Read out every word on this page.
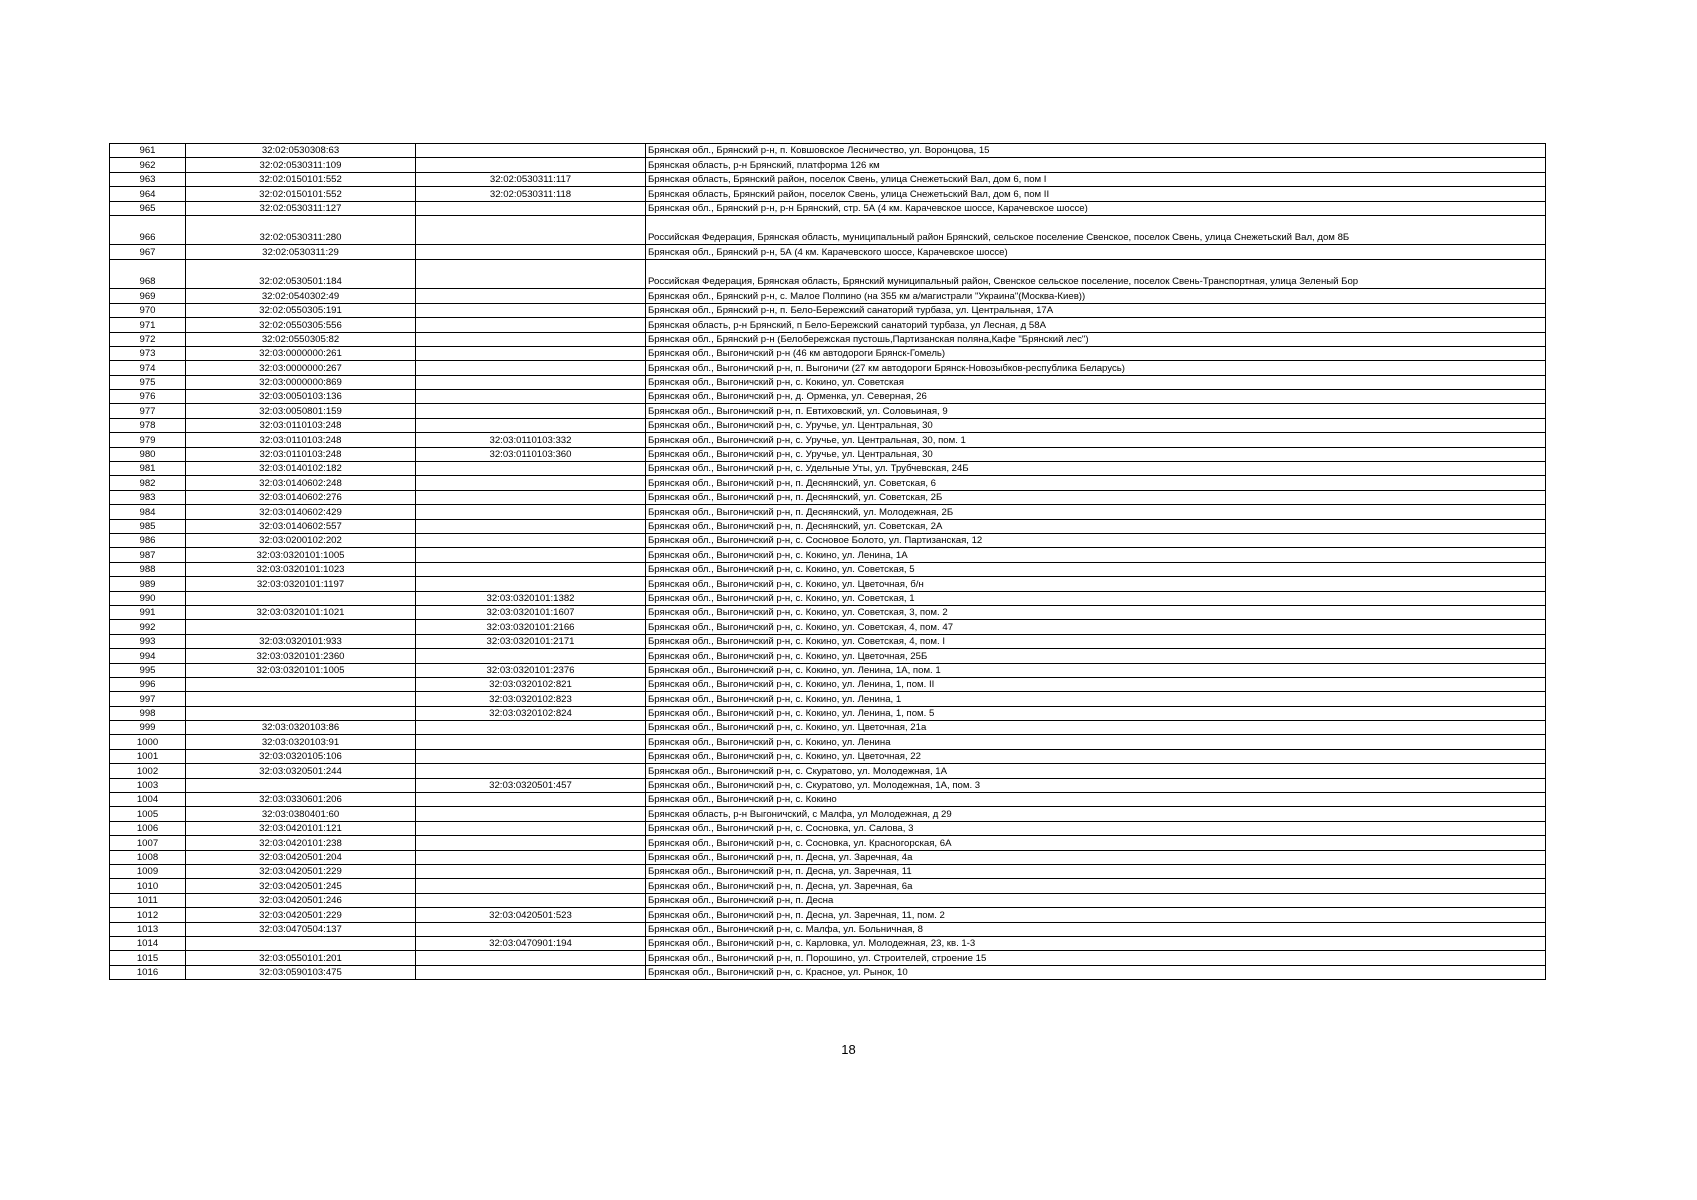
961	32:02:0530308:63		Брянская обл., Брянский р-н, п. Ковшовское Лесничество, ул. Воронцова, 15
962	32:02:0530311:109		Брянская область, р-н Брянский, платформа 126 км
963	32:02:0150101:552	32:02:0530311:117	Брянская область, Брянский район, поселок Свень, улица Снежетьский Вал, дом 6, пом I
964	32:02:0150101:552	32:02:0530311:118	Брянская область, Брянский район, поселок Свень, улица Снежетьский Вал, дом 6, пом II
965	32:02:0530311:127		Брянская обл., Брянский р-н, р-н Брянский, стр. 5А (4 км. Карачевское шоссе, Карачевское шоссе)
966	32:02:0530311:280		Российская Федерация, Брянская область, муниципальный район Брянский, сельское поселение Свенское, поселок Свень, улица Снежетьский Вал, дом 8Б
967	32:02:0530311:29		Брянская обл., Брянский р-н, 5А (4 км. Карачевского шоссе, Карачевское шоссе)
968	32:02:0530501:184		Российская Федерация, Брянская область, Брянский муниципальный район, Свенское сельское поселение, поселок Свень-Транспортная, улица Зеленый Бор
969	32:02:0540302:49		Брянская обл., Брянский р-н, с. Малое Полпино (на 355 км а/магистрали "Украина"(Москва-Киев))
970	32:02:0550305:191		Брянская обл., Брянский р-н, п. Бело-Бережский санаторий турбаза, ул. Центральная, 17А
971	32:02:0550305:556		Брянская область, р-н Брянский, п Бело-Бережский санаторий турбаза, ул Лесная, д 58А
972	32:02:0550305:82		Брянская обл., Брянский р-н (Белобережская пустошь,Партизанская поляна,Кафе "Брянский лес")
973	32:03:0000000:261		Брянская обл., Выгоничский р-н (46 км автодороги Брянск-Гомель)
974	32:03:0000000:267		Брянская обл., Выгоничский р-н, п. Выгоничи (27 км автодороги Брянск-Новозыбков-республика Беларусь)
975	32:03:0000000:869		Брянская обл., Выгоничский р-н, с. Кокино, ул. Советская
976	32:03:0050103:136		Брянская обл., Выгоничский р-н, д. Орменка, ул. Северная, 26
977	32:03:0050801:159		Брянская обл., Выгоничский р-н, п. Евтиховский, ул. Соловьиная, 9
978	32:03:0110103:248		Брянская обл., Выгоничский р-н, с. Уручье, ул. Центральная, 30
979	32:03:0110103:248	32:03:0110103:332	Брянская обл., Выгоничский р-н, с. Уручье, ул. Центральная, 30, пом. 1
980	32:03:0110103:248	32:03:0110103:360	Брянская обл., Выгоничский р-н, с. Уручье, ул. Центральная, 30
981	32:03:0140102:182		Брянская обл., Выгоничский р-н, с. Удельные Уты, ул. Трубчевская, 24Б
982	32:03:0140602:248		Брянская обл., Выгоничский р-н, п. Деснянский, ул. Советская, 6
983	32:03:0140602:276		Брянская обл., Выгоничский р-н, п. Деснянский, ул. Советская, 2Б
984	32:03:0140602:429		Брянская обл., Выгоничский р-н, п. Деснянский, ул. Молодежная, 2Б
985	32:03:0140602:557		Брянская обл., Выгоничский р-н, п. Деснянский, ул. Советская, 2А
986	32:03:0200102:202		Брянская обл., Выгоничский р-н, с. Сосновое Болото, ул. Партизанская, 12
987	32:03:0320101:1005		Брянская обл., Выгоничский р-н, с. Кокино, ул. Ленина, 1А
988	32:03:0320101:1023		Брянская обл., Выгоничский р-н, с. Кокино, ул. Советская, 5
989	32:03:0320101:1197		Брянская обл., Выгоничский р-н, с. Кокино, ул. Цветочная, б/н
990		32:03:0320101:1382	Брянская обл., Выгоничский р-н, с. Кокино, ул. Советская, 1
991	32:03:0320101:1021	32:03:0320101:1607	Брянская обл., Выгоничский р-н, с. Кокино, ул. Советская, 3, пом. 2
992		32:03:0320101:2166	Брянская обл., Выгоничский р-н, с. Кокино, ул. Советская, 4, пом. 47
993	32:03:0320101:933	32:03:0320101:2171	Брянская обл., Выгоничский р-н, с. Кокино, ул. Советская, 4, пом. I
994	32:03:0320101:2360		Брянская обл., Выгоничский р-н, с. Кокино, ул. Цветочная, 25Б
995	32:03:0320101:1005	32:03:0320101:2376	Брянская обл., Выгоничский р-н, с. Кокино, ул. Ленина, 1А, пом. 1
996		32:03:0320102:821	Брянская обл., Выгоничский р-н, с. Кокино, ул. Ленина, 1, пом. II
997		32:03:0320102:823	Брянская обл., Выгоничский р-н, с. Кокино, ул. Ленина, 1
998		32:03:0320102:824	Брянская обл., Выгоничский р-н, с. Кокино, ул. Ленина, 1, пом. 5
999	32:03:0320103:86		Брянская обл., Выгоничский р-н, с. Кокино, ул. Цветочная, 21а
1000	32:03:0320103:91		Брянская обл., Выгоничский р-н, с. Кокино, ул. Ленина
1001	32:03:0320105:106		Брянская обл., Выгоничский р-н, с. Кокино, ул. Цветочная, 22
1002	32:03:0320501:244		Брянская обл., Выгоничский р-н, с. Скуратово, ул. Молодежная, 1А
1003		32:03:0320501:457	Брянская обл., Выгоничский р-н, с. Скуратово, ул. Молодежная, 1А, пом. 3
1004	32:03:0330601:206		Брянская обл., Выгоничский р-н, с. Кокино
1005	32:03:0380401:60		Брянская область, р-н Выгоничский, с Малфа, ул Молодежная, д 29
1006	32:03:0420101:121		Брянская обл., Выгоничский р-н, с. Сосновка, ул. Салова, 3
1007	32:03:0420101:238		Брянская обл., Выгоничский р-н, с. Сосновка, ул. Красногорская, 6А
1008	32:03:0420501:204		Брянская обл., Выгоничский р-н, п. Десна, ул. Заречная, 4а
1009	32:03:0420501:229		Брянская обл., Выгоничский р-н, п. Десна, ул. Заречная, 11
1010	32:03:0420501:245		Брянская обл., Выгоничский р-н, п. Десна, ул. Заречная, 6а
1011	32:03:0420501:246		Брянская обл., Выгоничский р-н, п. Десна
1012	32:03:0420501:229	32:03:0420501:523	Брянская обл., Выгоничский р-н, п. Десна, ул. Заречная, 11, пом. 2
1013	32:03:0470504:137		Брянская обл., Выгоничский р-н, с. Малфа, ул. Больничная, 8
1014		32:03:0470901:194	Брянская обл., Выгоничский р-н, с. Карловка, ул. Молодежная, 23, кв. 1-3
1015	32:03:0550101:201		Брянская обл., Выгоничский р-н, п. Порошино, ул. Строителей, строение 15
1016	32:03:0590103:475		Брянская обл., Выгоничский р-н, с. Красное, ул. Рынок, 10
18
